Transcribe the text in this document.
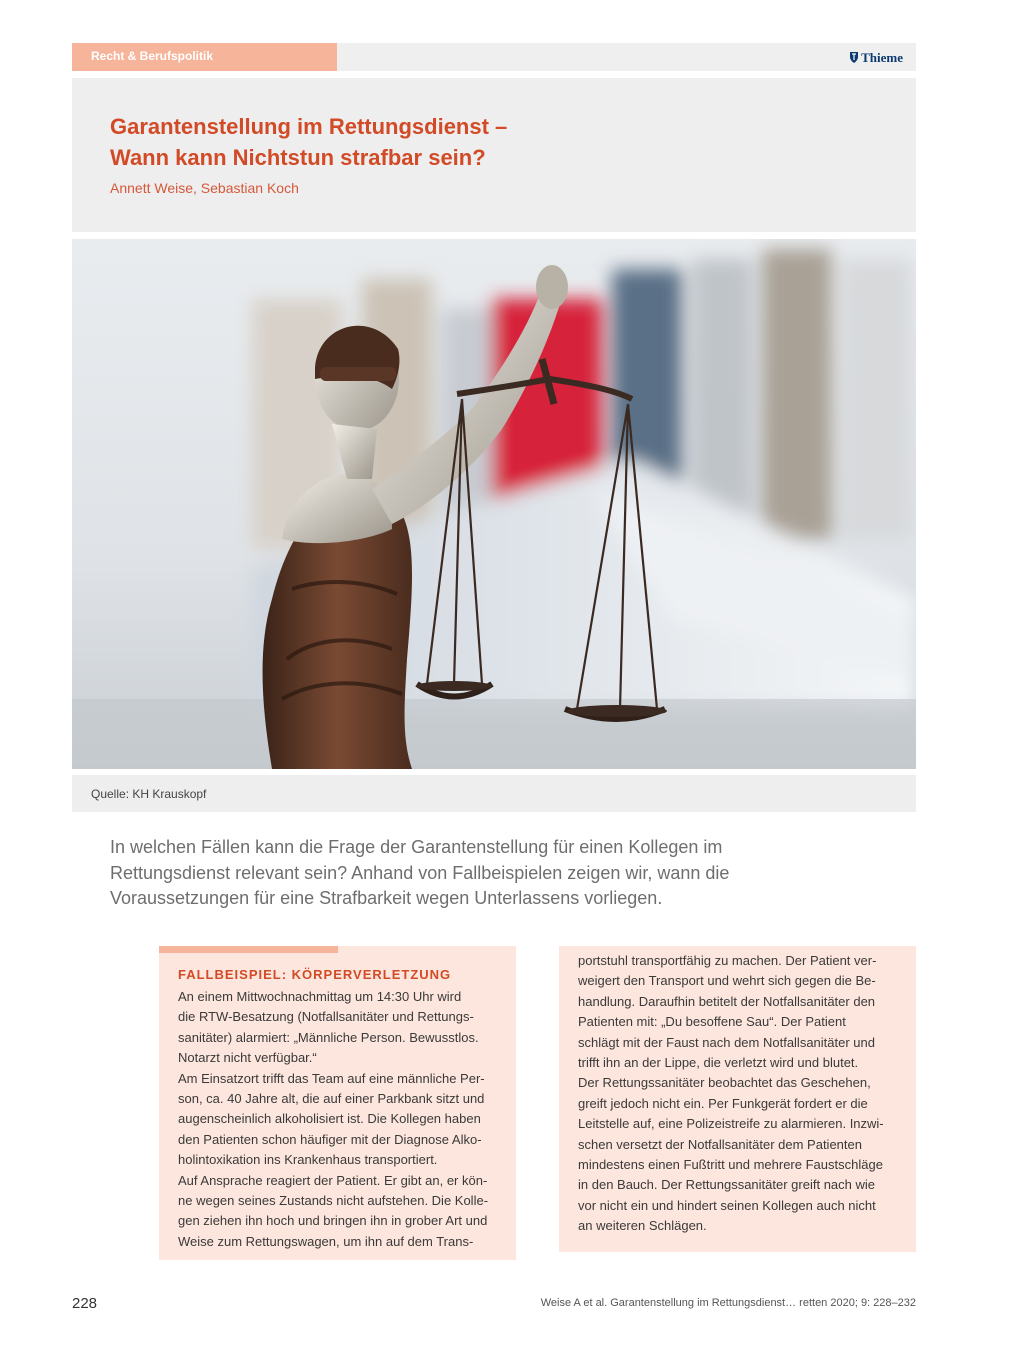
Recht & Berufspolitik	Thieme
Garantenstellung im Rettungsdienst –
Wann kann Nichtstun strafbar sein?
Annett Weise, Sebastian Koch
Quelle: KH Krauskopf
In welchen Fällen kann die Frage der Garantenstellung für einen Kollegen im
Rettungsdienst relevant sein? Anhand von Fallbeispielen zeigen wir, wann die
Voraussetzungen für eine Strafbarkeit wegen Unterlassens vorliegen.
FALLBEISPIEL: KÖRPERVERLETZUNG
An einem Mittwochnachmittag um 14:30 Uhr wird
die RTW-Besatzung (Notfallsanitäter und Rettungs-
sanitäter) alarmiert: „Männliche Person. Bewusstlos.
Notarzt nicht verfügbar.“
Am Einsatzort trifft das Team auf eine männliche Per-
son, ca. 40 Jahre alt, die auf einer Parkbank sitzt und
augenscheinlich alkoholisiert ist. Die Kollegen haben
den Patienten schon häufiger mit der Diagnose Alko-
holintoxikation ins Krankenhaus transportiert.
Auf Ansprache reagiert der Patient. Er gibt an, er kön-
ne wegen seines Zustands nicht aufstehen. Die Kolle-
gen ziehen ihn hoch und bringen ihn in grober Art und
Weise zum Rettungswagen, um ihn auf dem Trans-
portstuhl transportfähig zu machen. Der Patient ver-
weigert den Transport und wehrt sich gegen die Be-
handlung. Daraufhin betitelt der Notfallsanitäter den
Patienten mit: „Du besoffene Sau“. Der Patient
schlägt mit der Faust nach dem Notfallsanitäter und
trifft ihn an der Lippe, die verletzt wird und blutet.
Der Rettungssanitäter beobachtet das Geschehen,
greift jedoch nicht ein. Per Funkgerät fordert er die
Leitstelle auf, eine Polizeistreife zu alarmieren. Inzwi-
schen versetzt der Notfallsanitäter dem Patienten
mindestens einen Fußtritt und mehrere Faustschläge
in den Bauch. Der Rettungssanitäter greift nach wie
vor nicht ein und hindert seinen Kollegen auch nicht
an weiteren Schlägen.
228	Weise A et al. Garantenstellung im Rettungsdienst… retten 2020; 9: 228–232
